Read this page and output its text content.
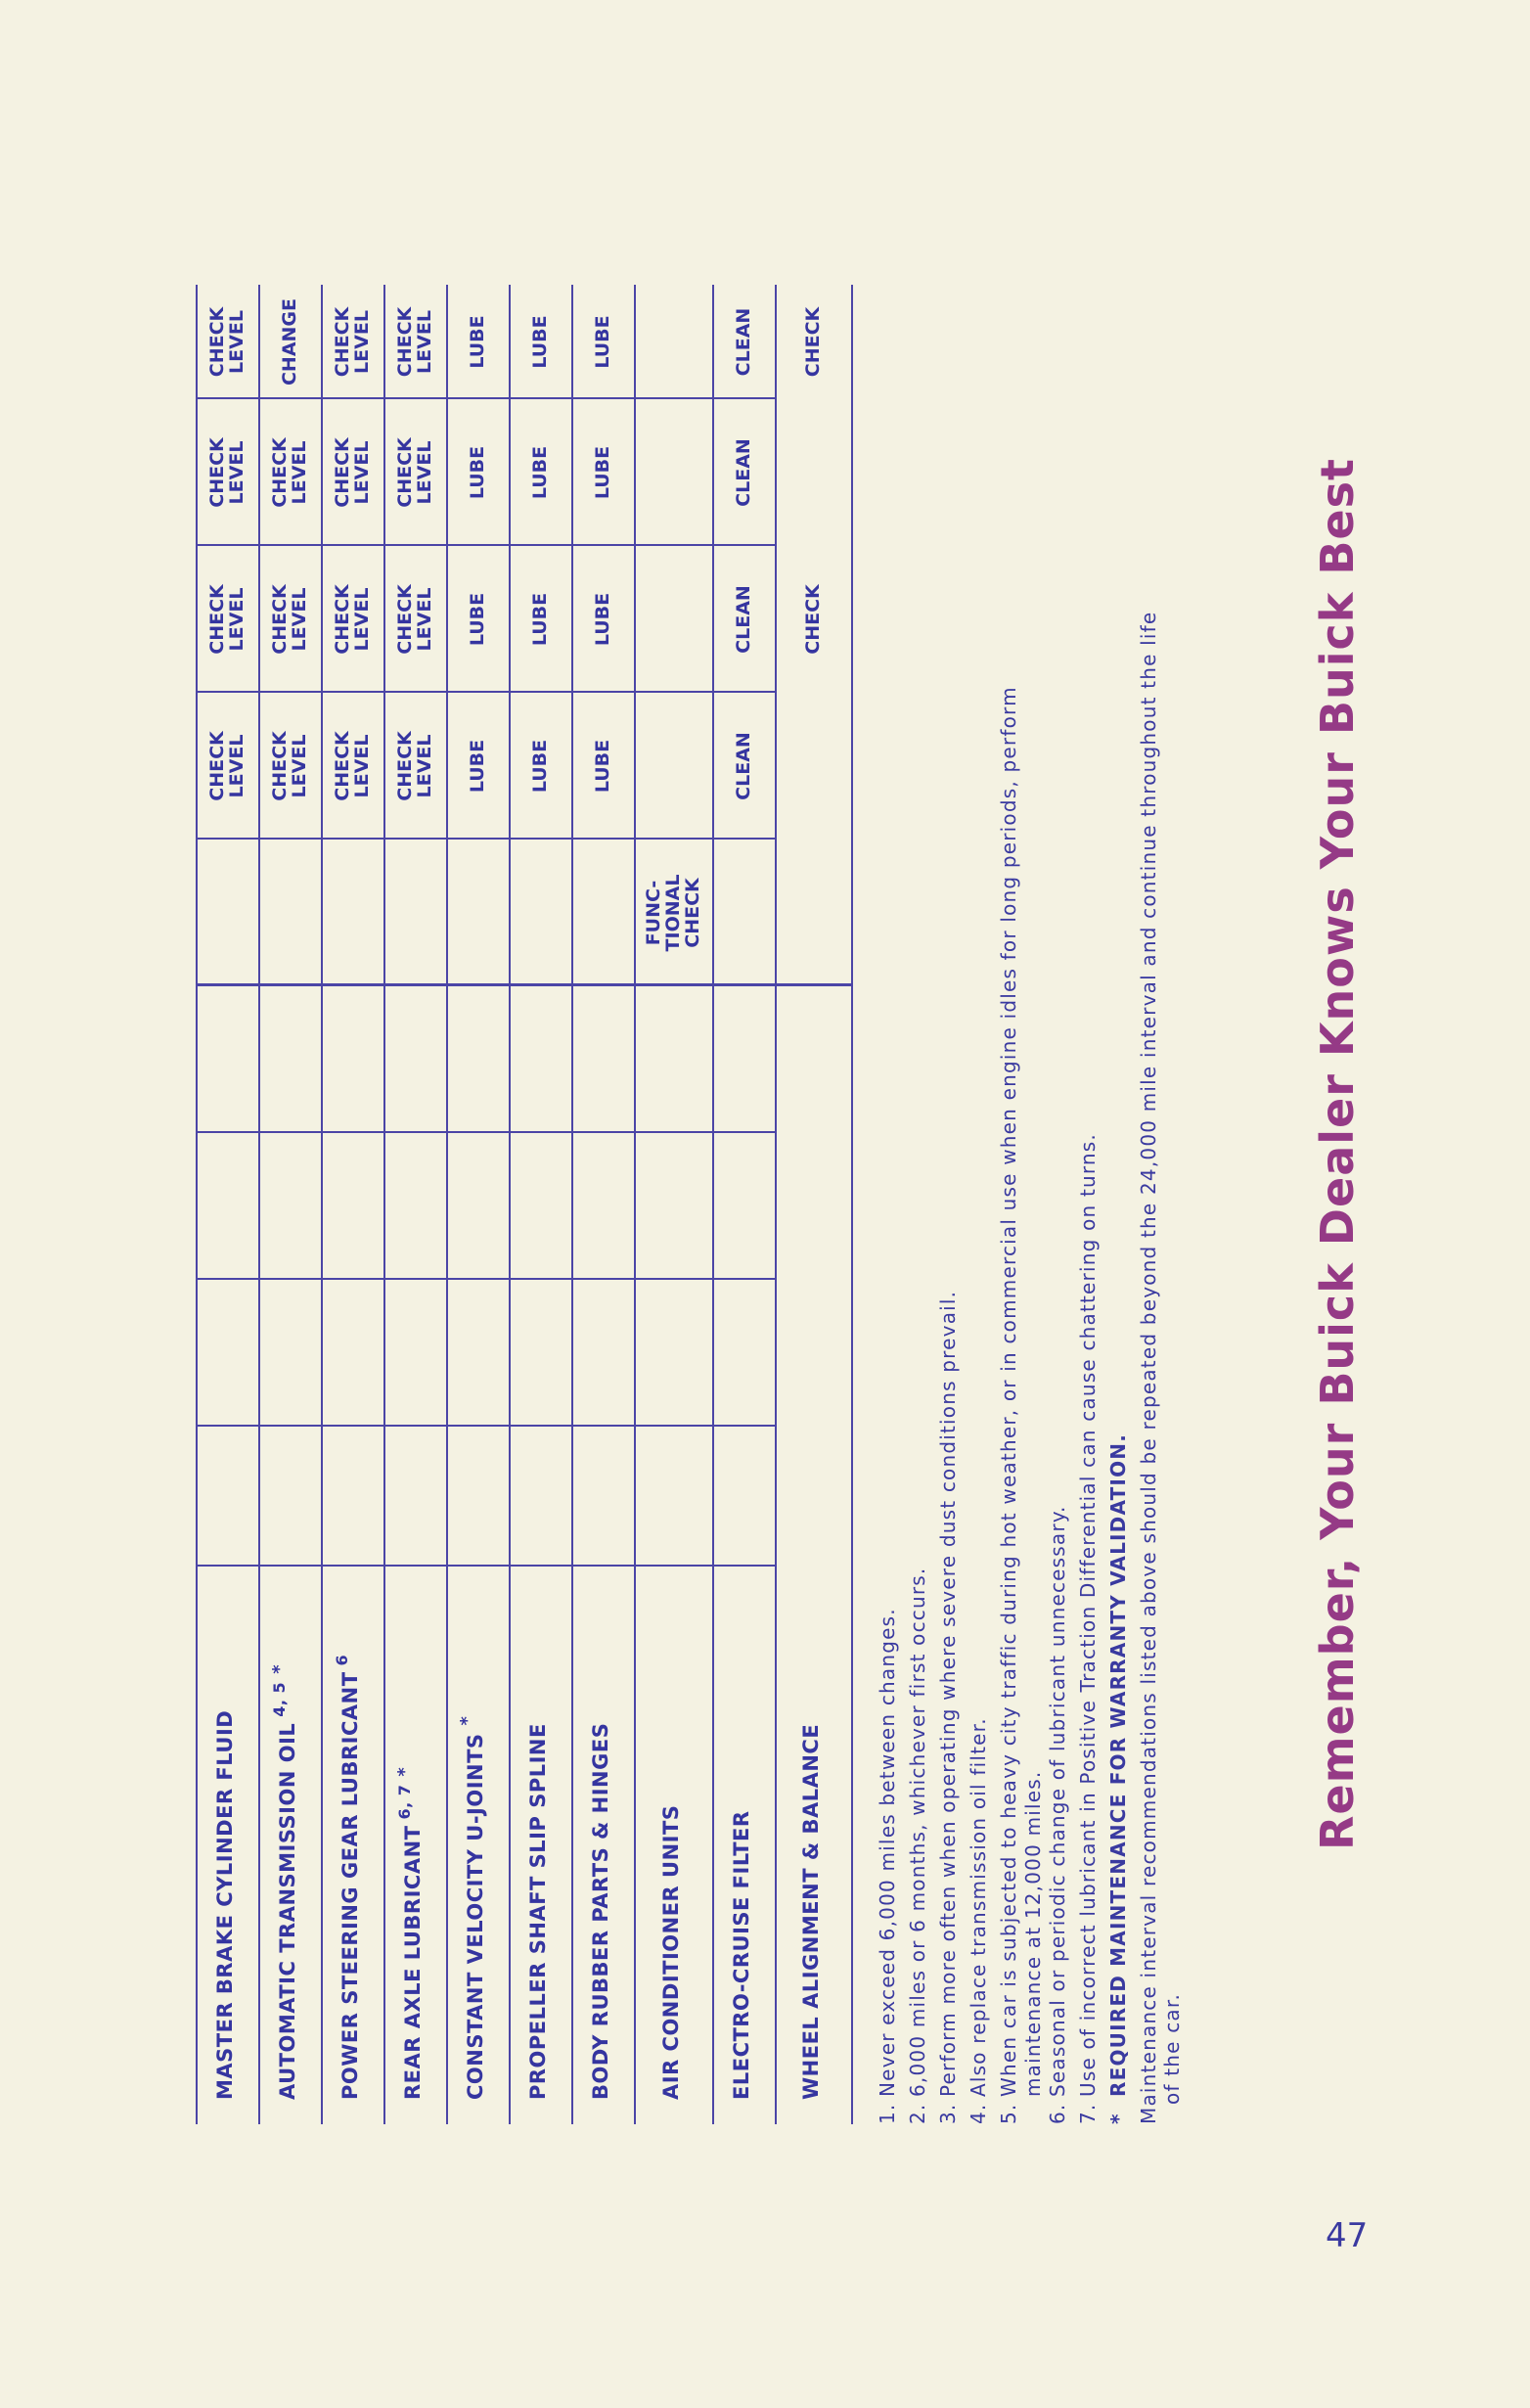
MASTER BRAKE CYLINDER FLUID
CHECK
LEVEL
CHECK
LEVEL
CHECK
LEVEL
CHECK
LEVEL
AUTOMATIC TRANSMISSION OIL$^{4, 5}$*
CHECK
LEVEL
CHECK
LEVEL
CHECK
LEVEL
CHANGE
POWER STEERING GEAR LUBRICANT$^6$
CHECK
LEVEL
CHECK
LEVEL
CHECK
LEVEL
CHECK
LEVEL
REAR AXLE LUBRICANT$^{6, 7}$*
CHECK
LEVEL
CHECK
LEVEL
CHECK
LEVEL
CHECK
LEVEL
CONSTANT VELOCITY U-JOINTS*
LUBE
LUBE
LUBE
LUBE
PROPELLER SHAFT SLIP SPLINE
LUBE
LUBE
LUBE
LUBE
BODY RUBBER PARTS & HINGES
LUBE
LUBE
LUBE
LUBE
AIR CONDITIONER UNITS
FUNC-
TIONAL
CHECK
ELECTRO-CRUISE FILTER
CLEAN
CLEAN
CLEAN
CLEAN
WHEEL ALIGNMENT & BALANCE
CHECK
CHECK
1.Never exceed 6,000 miles between changes.
2.6,000 miles or 6 months, whichever first occurs.
3.Perform more often when operating where severe dust conditions prevail.
4.Also replace transmission oil filter.
5.When car is subjected to heavy city traffic during hot weather, or in commercial use when engine idles for long periods, perform maintenance at 12,000 miles.
6.Seasonal or periodic change of lubricant unnecessary.
7.Use of incorrect lubricant in Positive Traction Differential can cause chattering on turns.
*REQUIRED MAINTENANCE FOR WARRANTY VALIDATION. Maintenance interval recommendations listed above should be repeated beyond the 24,000 mile interval and continue throughout the life of the car.
Remember, Your Buick Dealer Knows Your Buick Best
47
